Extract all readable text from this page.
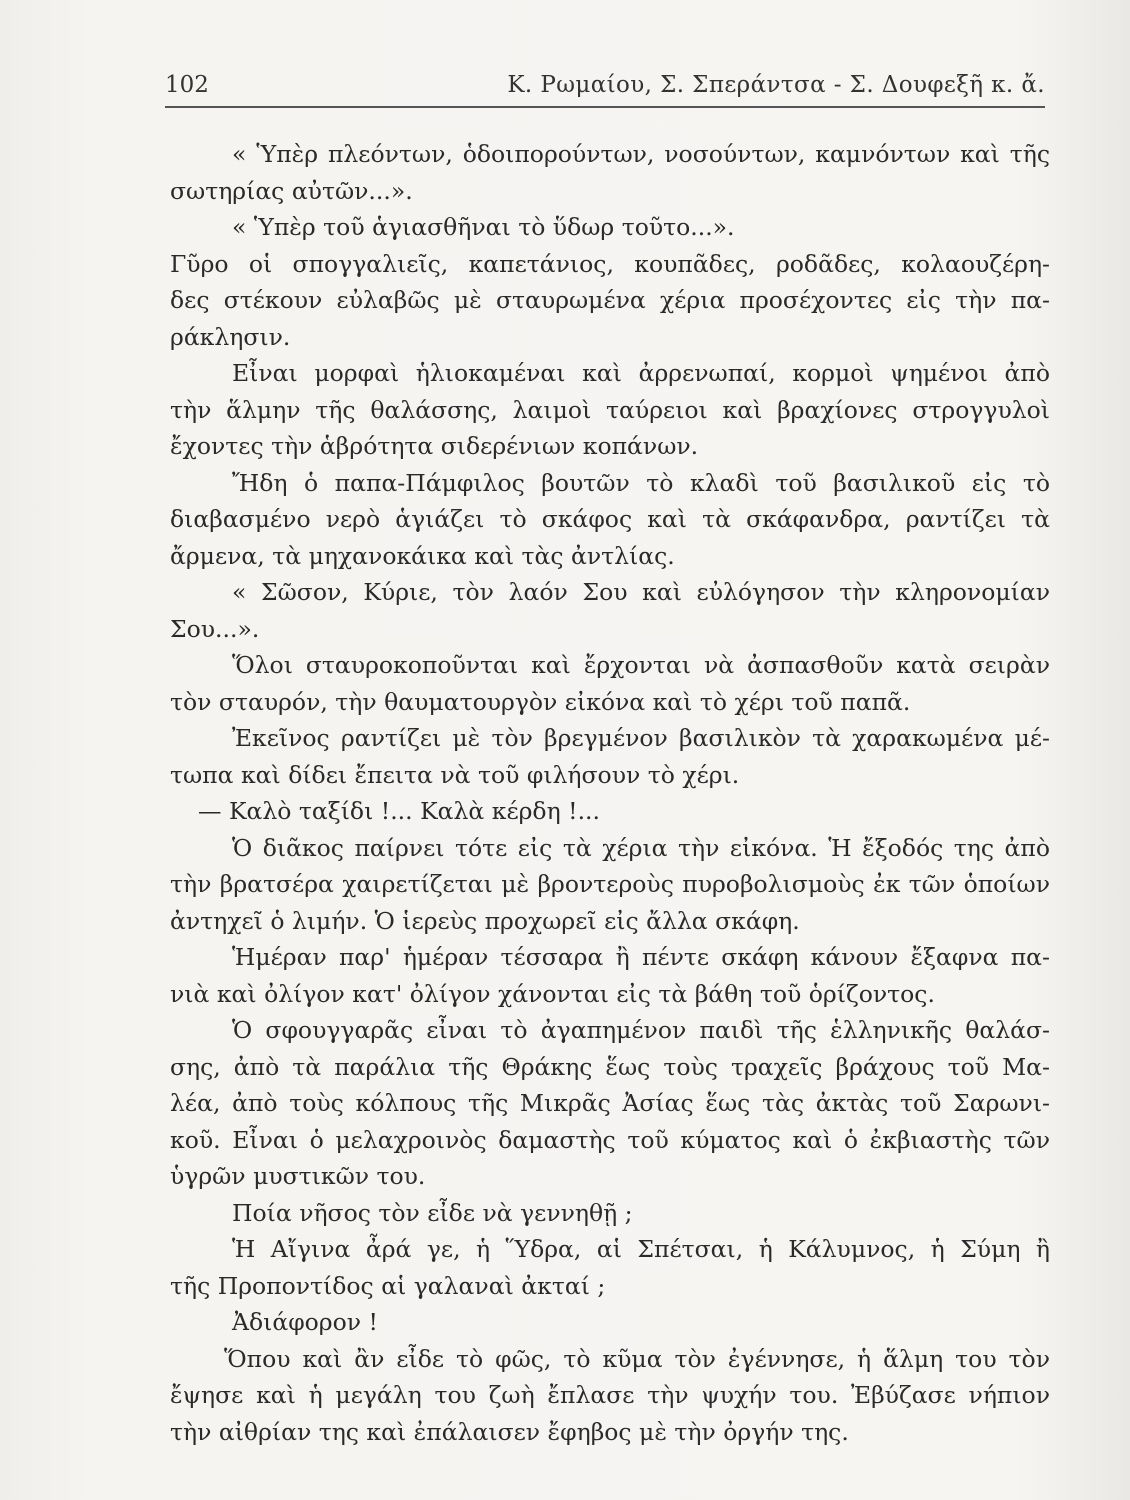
102	Κ. Ρωμαίου, Σ. Σπεράντσα - Σ. Δουφεξῆ κ. ἄ.
« Ὑπὲρ πλεόντων, ὁδοιπορούντων, νοσούντων, καμνόντων καὶ τῆς
σωτηρίας αὐτῶν...».
« Ὑπὲρ τοῦ ἁγιασθῆναι τὸ ὕδωρ τοῦτο...».
Γῦρο οἱ σπογγαλιεῖς, καπετάνιος, κουπᾶδες, ροδᾶδες, κολαουζέρη-
δες στέκουν εὐλαβῶς μὲ σταυρωμένα χέρια προσέχοντες εἰς τὴν πα-
ράκλησιν.
Εἶναι μορφαὶ ἡλιοκαμέναι καὶ ἀρρενωπαί, κορμοὶ ψημένοι ἀπὸ
τὴν ἅλμην τῆς θαλάσσης, λαιμοὶ ταύρειοι καὶ βραχίονες στρογγυλοὶ
ἔχοντες τὴν ἁβρότητα σιδερένιων κοπάνων.
Ἤδη ὁ παπα-Πάμφιλος βουτῶν τὸ κλαδὶ τοῦ βασιλικοῦ εἰς τὸ
διαβασμένο νερὸ ἁγιάζει τὸ σκάφος καὶ τὰ σκάφανδρα, ραντίζει τὰ
ἄρμενα, τὰ μηχανοκάικα καὶ τὰς ἀντλίας.
« Σῶσον, Κύριε, τὸν λαόν Σου καὶ εὐλόγησον τὴν κληρονομίαν
Σου...».
Ὅλοι σταυροκοποῦνται καὶ ἔρχονται νὰ ἀσπασθοῦν κατὰ σειρὰν
τὸν σταυρόν, τὴν θαυματουργὸν εἰκόνα καὶ τὸ χέρι τοῦ παπᾶ.
Ἐκεῖνος ραντίζει μὲ τὸν βρεγμένον βασιλικὸν τὰ χαρακωμένα μέ-
τωπα καὶ δίδει ἔπειτα νὰ τοῦ φιλήσουν τὸ χέρι.
— Καλὸ ταξίδι !... Καλὰ κέρδη !...
Ὁ διᾶκος παίρνει τότε εἰς τὰ χέρια τὴν εἰκόνα. Ἡ ἔξοδός της ἀπὸ
τὴν βρατσέρα χαιρετίζεται μὲ βροντεροὺς πυροβολισμοὺς ἐκ τῶν ὁποίων
ἀντηχεῖ ὁ λιμήν. Ὁ ἱερεὺς προχωρεῖ εἰς ἄλλα σκάφη.
Ἡμέραν παρ' ἡμέραν τέσσαρα ἢ πέντε σκάφη κάνουν ἔξαφνα πα-
νιὰ καὶ ὀλίγον κατ' ὀλίγον χάνονται εἰς τὰ βάθη τοῦ ὁρίζοντος.
Ὁ σφουγγαρᾶς εἶναι τὸ ἀγαπημένον παιδὶ τῆς ἑλληνικῆς θαλάσ-
σης, ἀπὸ τὰ παράλια τῆς Θράκης ἕως τοὺς τραχεῖς βράχους τοῦ Μα-
λέα, ἀπὸ τοὺς κόλπους τῆς Μικρᾶς Ἀσίας ἕως τὰς ἀκτὰς τοῦ Σαρωνι-
κοῦ. Εἶναι ὁ μελαχροινὸς δαμαστὴς τοῦ κύματος καὶ ὁ ἐκβιαστὴς τῶν
ὑγρῶν μυστικῶν του.
Ποία νῆσος τὸν εἶδε νὰ γεννηθῇ ;
Ἡ Αἴγινα ἆρά γε, ἡ Ὕδρα, αἱ Σπέτσαι, ἡ Κάλυμνος, ἡ Σύμη ἢ
τῆς Προποντίδος αἱ γαλαναὶ ἀκταί ;
Ἀδιάφορον !
Ὅπου καὶ ἂν εἶδε τὸ φῶς, τὸ κῦμα τὸν ἐγέννησε, ἡ ἅλμη του τὸν
ἔψησε καὶ ἡ μεγάλη του ζωὴ ἔπλασε τὴν ψυχήν του. Ἐβύζασε νήπιον
τὴν αἰθρίαν της καὶ ἐπάλαισεν ἔφηβος μὲ τὴν ὀργήν της.
